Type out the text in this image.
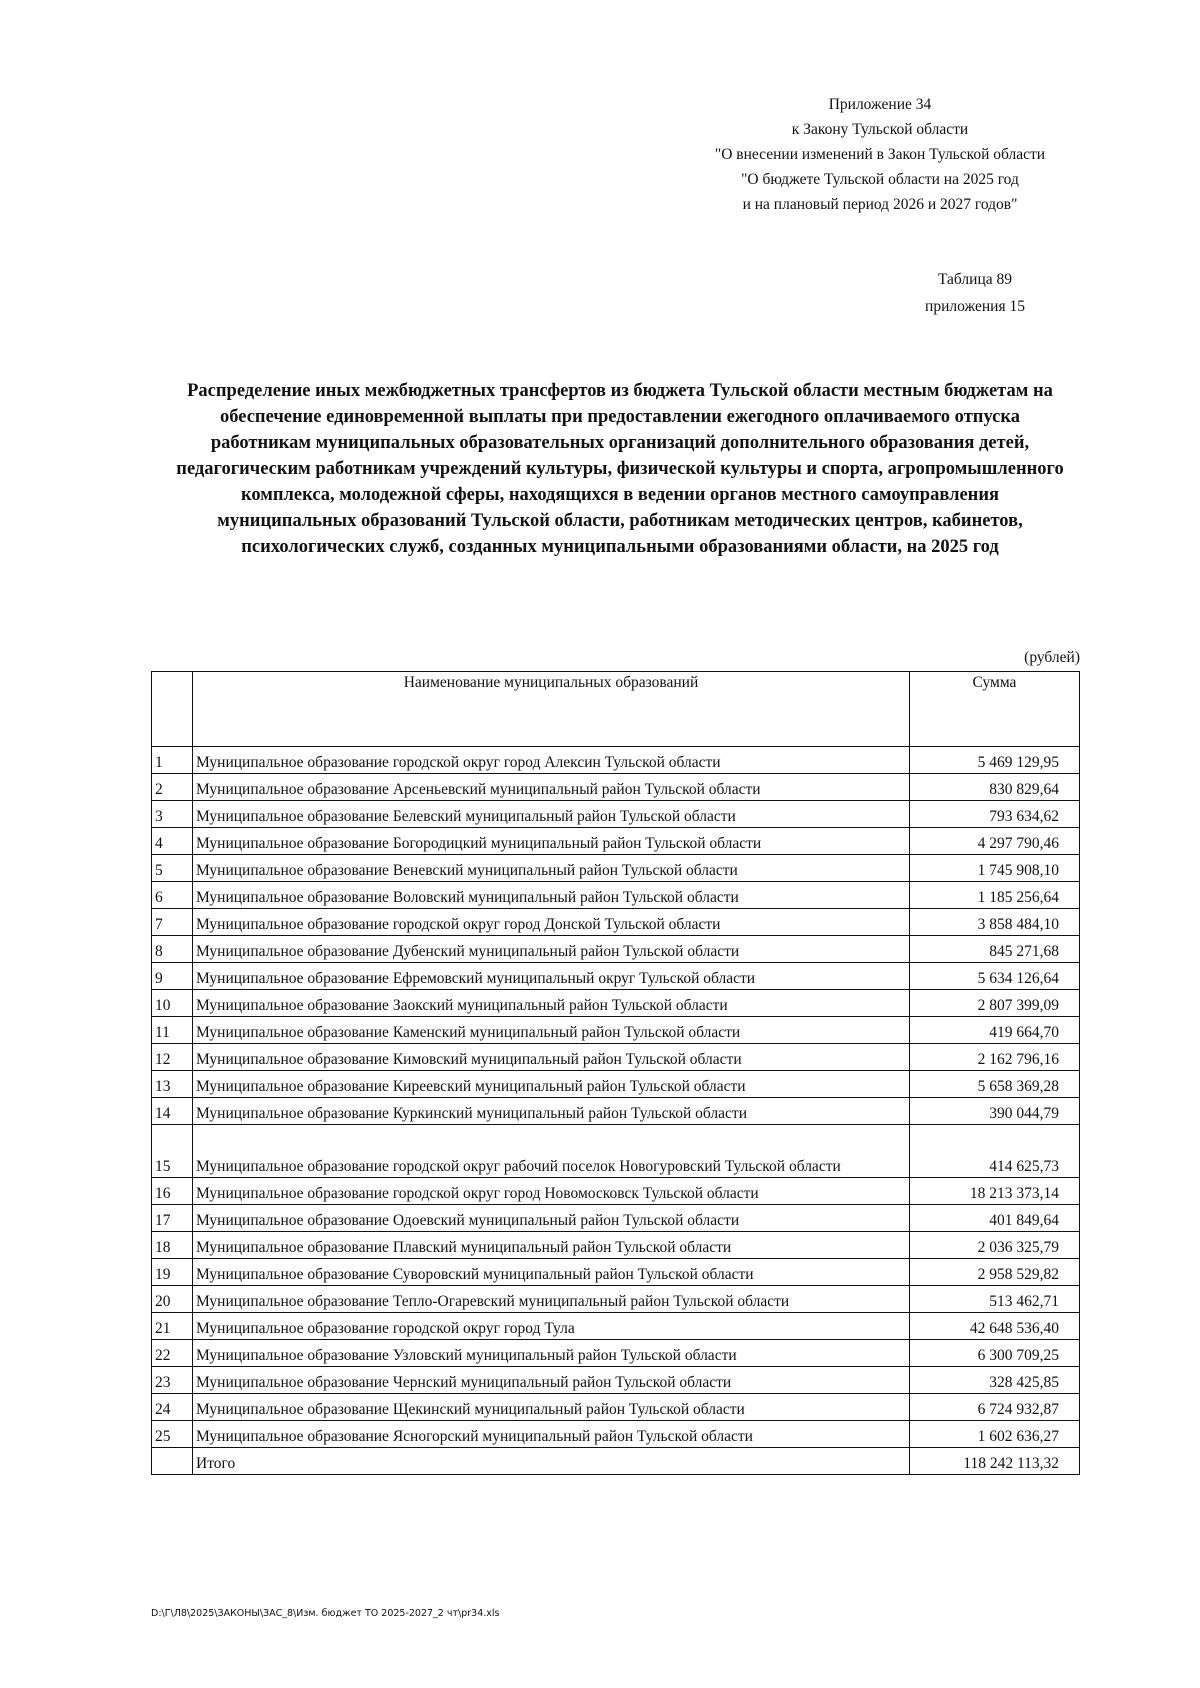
Приложение 34
к Закону Тульской области
"О внесении изменений в Закон Тульской области
"О бюджете Тульской области на 2025 год
и на плановый период 2026 и 2027 годов"
Таблица 89
приложения 15
Распределение иных межбюджетных трансфертов из бюджета Тульской области местным бюджетам на обеспечение единовременной выплаты при предоставлении ежегодного оплачиваемого отпуска работникам муниципальных образовательных организаций дополнительного образования детей, педагогическим работникам учреждений культуры, физической культуры и спорта, агропромышленного комплекса, молодежной сферы, находящихся в ведении органов местного самоуправления муниципальных образований Тульской области, работникам методических центров, кабинетов, психологических служб, созданных муниципальными образованиями области, на 2025 год
(рублей)
	Наименование муниципальных образований	Сумма
1	Муниципальное образование городской округ город Алексин Тульской области	5 469 129,95
2	Муниципальное образование Арсеньевский муниципальный район Тульской области	830 829,64
3	Муниципальное образование Белевский муниципальный район Тульской области	793 634,62
4	Муниципальное образование Богородицкий муниципальный район Тульской области	4 297 790,46
5	Муниципальное образование Веневский муниципальный район Тульской области	1 745 908,10
6	Муниципальное образование Воловский муниципальный район Тульской области	1 185 256,64
7	Муниципальное образование городской округ город Донской Тульской области	3 858 484,10
8	Муниципальное образование Дубенский муниципальный район Тульской области	845 271,68
9	Муниципальное образование Ефремовский муниципальный округ Тульской области	5 634 126,64
10	Муниципальное образование Заокский муниципальный район Тульской области	2 807 399,09
11	Муниципальное образование Каменский муниципальный район Тульской области	419 664,70
12	Муниципальное образование Кимовский муниципальный район Тульской области	2 162 796,16
13	Муниципальное образование Киреевский муниципальный район Тульской области	5 658 369,28
14	Муниципальное образование Куркинский муниципальный район Тульской области	390 044,79
15	Муниципальное образование городской округ рабочий поселок Новогуровский Тульской области	414 625,73
16	Муниципальное образование городской округ город Новомосковск Тульской области	18 213 373,14
17	Муниципальное образование Одоевский муниципальный район Тульской области	401 849,64
18	Муниципальное образование Плавский муниципальный район Тульской области	2 036 325,79
19	Муниципальное образование Суворовский муниципальный район Тульской области	2 958 529,82
20	Муниципальное образование Тепло-Огаревский муниципальный район Тульской области	513 462,71
21	Муниципальное образование городской округ город Тула	42 648 536,40
22	Муниципальное образование Узловский муниципальный район Тульской области	6 300 709,25
23	Муниципальное образование Чернский муниципальный район Тульской области	328 425,85
24	Муниципальное образование Щекинский муниципальный район Тульской области	6 724 932,87
25	Муниципальное образование Ясногорский муниципальный район Тульской области	1 602 636,27
	Итого	118 242 113,32
D:\Г\Л8\2025\ЗАКОНЫ\ЗАС_8\Изм. бюджет ТО 2025-2027_2 чт\pr34.xls
